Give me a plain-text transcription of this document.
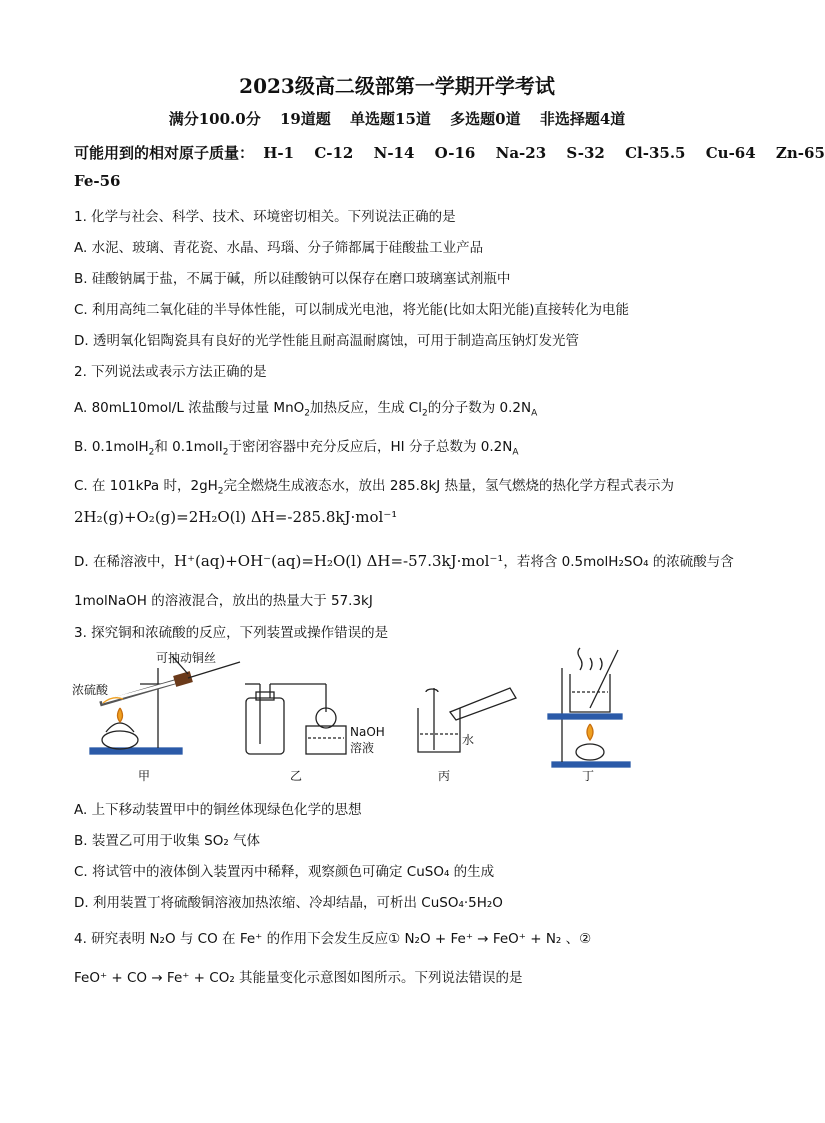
2023级高二级部第一学期开学考试
满分100.0分 19道题 单选题15道 多选题0道 非选择题4道
可能用到的相对原子质量： H-1 C-12 N-14 O-16 Na-23 S-32 Cl-35.5 Cu-64 Zn-65
Fe-56
1. 化学与社会、科学、技术、环境密切相关。下列说法正确的是
A. 水泥、玻璃、青花瓷、水晶、玛瑙、分子筛都属于硅酸盐工业产品
B. 硅酸钠属于盐，不属于碱，所以硅酸钠可以保存在磨口玻璃塞试剂瓶中
C. 利用高纯二氧化硅的半导体性能，可以制成光电池，将光能(比如太阳光能)直接转化为电能
D. 透明氧化铝陶瓷具有良好的光学性能且耐高温耐腐蚀，可用于制造高压钠灯发光管
2. 下列说法或表示方法正确的是
A. 80mL10mol/L 浓盐酸与过量 MnO$_2$加热反应，生成 $Cl_2$的分子数为 $0.2N_A$
B. 0.1molH$_2$和 0.1molI$_2$于密闭容器中充分反应后，HI 分子总数为 $0.2N_A$
C. 在 101kPa 时，$2gH_2$完全燃烧生成液态水，放出 285.8kJ 热量，氢气燃烧的热化学方程式表示为
2H₂(g)+O₂(g)=2H₂O(l) ΔH=-285.8kJ·mol⁻¹
D. 在稀溶液中，H⁺(aq)+OH⁻(aq)=H₂O(l) ΔH=-57.3kJ·mol⁻¹，若将含 0.5molH₂SO₄ 的浓硫酸与含
1molNaOH 的溶液混合，放出的热量大于 57.3kJ
3. 探究铜和浓硫酸的反应，下列装置或操作错误的是
可抽动铜丝
浓硫酸
甲
NaOH
溶液
乙
水
丙	丁
A. 上下移动装置甲中的铜丝体现绿色化学的思想
B. 装置乙可用于收集 SO₂ 气体
C. 将试管中的液体倒入装置丙中稀释，观察颜色可确定 CuSO₄ 的生成
D. 利用装置丁将硫酸铜溶液加热浓缩、冷却结晶，可析出 CuSO₄·5H₂O
4. 研究表明 N₂O 与 CO 在 Fe⁺ 的作用下会发生反应① N₂O + Fe⁺ → FeO⁺ + N₂ 、②
FeO⁺ + CO → Fe⁺ + CO₂ 其能量变化示意图如图所示。下列说法错误的是
